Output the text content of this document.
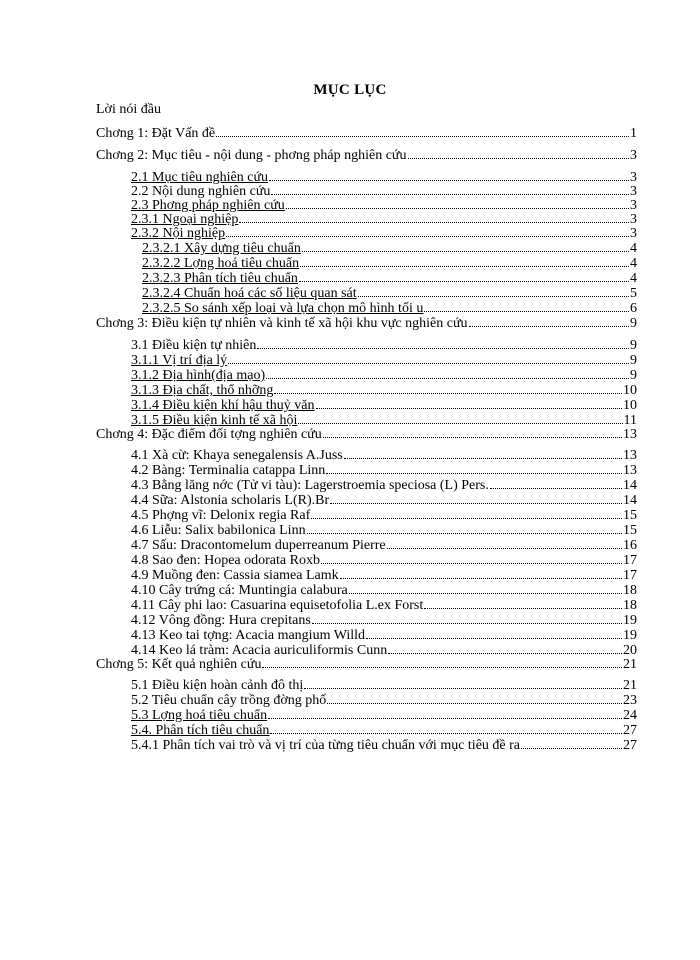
MỤC LỤC
Lời nói đầu
Chơng 1: Đặt Vấn đề	1
Chơng 2: Mục tiêu - nội dung - phơng pháp nghiên cứu	3
2.1 Mục tiêu nghiên cứu	3
2.2 Nội dung nghiên cứu	3
2.3 Phơng pháp nghiên cứu	3
2.3.1 Ngoại nghiệp	3
2.3.2 Nội nghiệp	3
2.3.2.1 Xây dựng tiêu chuẩn	4
2.3.2.2 Lợng hoá tiêu chuẩn	4
2.3.2.3 Phân tích tiêu chuẩn	4
2.3.2.4 Chuẩn hoá các số liệu quan sát	5
2.3.2.5 So sánh xếp loại và lựa chọn mô hình tối u	6
Chơng 3: Điều kiện tự nhiên và kinh tế xã hội khu vực nghiên cứu	9
3.1 Điều kiện tự nhiên	9
3.1.1 Vị trí địa lý	9
3.1.2 Địa hình(địa mạo)	9
3.1.3 Địa chất, thổ nhỡng	10
3.1.4 Điều kiện khí hậu thuỷ văn	10
3.1.5 Điều kiện kinh tế xã hội	11
Chơng 4: Đặc điểm đối tợng nghiên cứu	13
4.1 Xà cừ: Khaya senegalensis A.Juss	13
4.2 Bàng: Terminalia catappa Linn	13
4.3 Bằng lăng nớc (Tử vi tàu): Lagerstroemia speciosa (L) Pers.	14
4.4 Sữa: Alstonia scholaris L(R).Br	14
4.5 Phợng vĩ: Delonix regia Raf	15
4.6 Liễu: Salix babilonica Linn	15
4.7 Sấu: Dracontomelum duperreanum Pierre	16
4.8 Sao đen: Hopea odorata Roxb	17
4.9 Muồng đen: Cassia siamea Lamk	17
4.10 Cây trứng cá: Muntingia calabura	18
4.11 Cây phi lao: Casuarina equisetofolia L.ex Forst	18
4.12 Vông đồng: Hura crepitans	19
4.13 Keo tai tợng: Acacia mangium Willd	19
4.14 Keo lá tràm: Acacia auriculiformis Cunn	20
Chơng 5: Kết quả nghiên cứu	21
5.1 Điều kiện hoàn cảnh đô thị	21
5.2 Tiêu chuẩn cây trồng đờng phố	23
5.3 Lợng hoá tiêu chuẩn	24
5.4. Phân tích tiêu chuẩn	27
5.4.1 Phân tích vai trò và vị trí của từng tiêu chuẩn với mục tiêu đề ra	27
